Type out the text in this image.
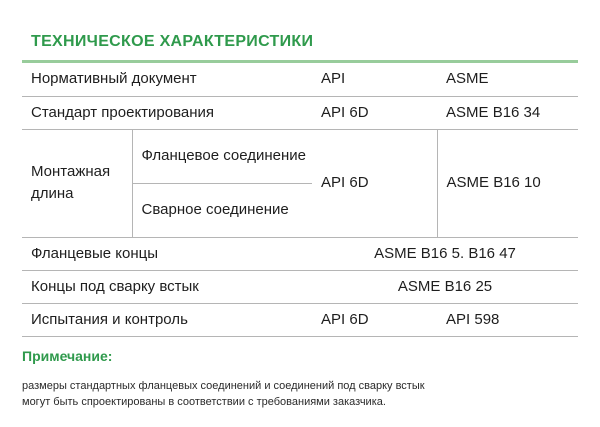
ТЕХНИЧЕСКОЕ ХАРАКТЕРИСТИКИ
Нормативный документ		API	ASME
Стандарт проектирования		API 6D	ASME B16 34
Монтажная длина	Фланцевое соединение	API 6D	ASME B16 10
	Сварное соединение		
Фланцевые концы		ASME B16 5. B16 47	
Концы под сварку встык		ASME B16 25	
Испытания и контроль		API 6D	API 598
Примечание:
размеры стандартных фланцевых соединений и соединений под сварку встык
могут быть спроектированы в соответствии с требованиями заказчика.
